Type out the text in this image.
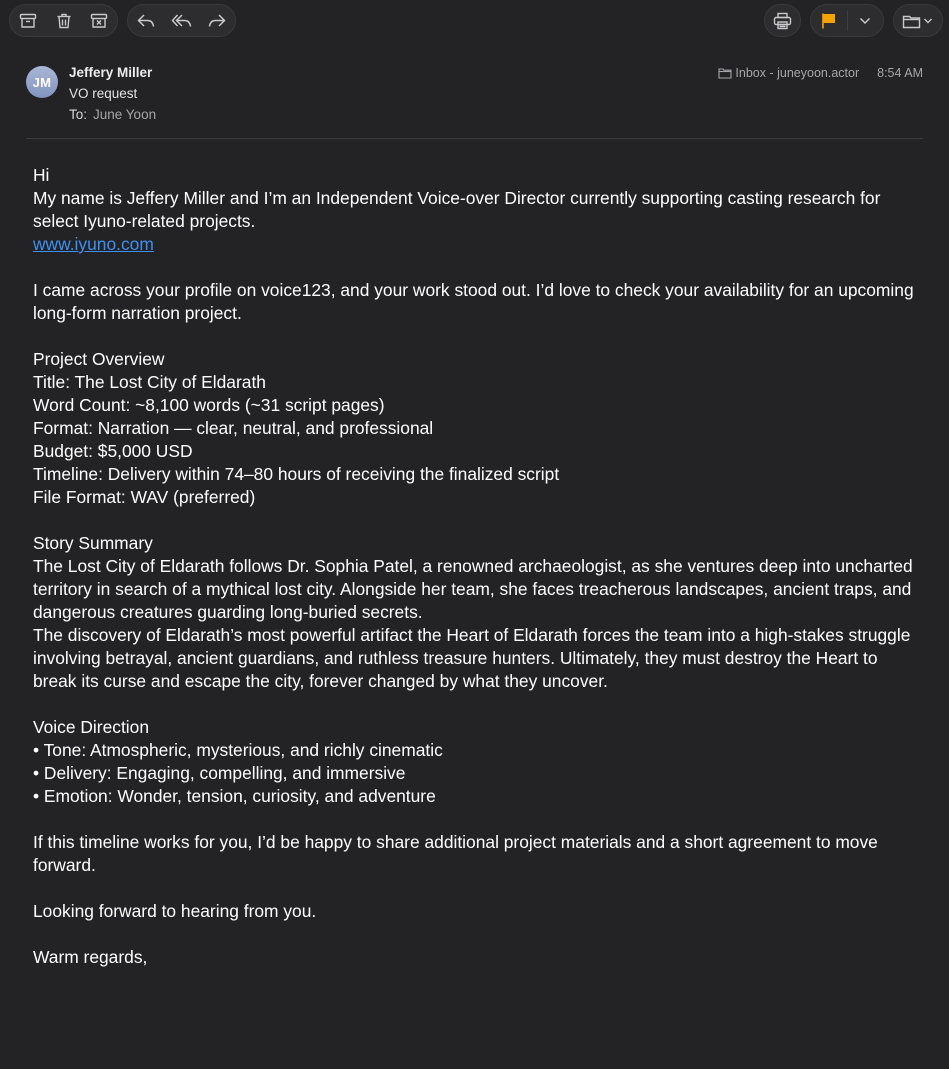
JM
Jeffery Miller
VO request
To: June Yoon
Inbox - juneyoon.actor 8:54 AM

Hi

My name is Jeffery Miller and I’m an Independent Voice-over Director currently supporting casting research for select Iyuno-related projects.

www.iyuno.com

I came across your profile on voice123, and your work stood out. I’d love to check your availability for an upcoming long-form narration project.

Project Overview

Title: The Lost City of Eldarath

Word Count: ~8,100 words (~31 script pages)

Format: Narration — clear, neutral, and professional

Budget: $5,000 USD

Timeline: Delivery within 74–80 hours of receiving the finalized script

File Format: WAV (preferred)

Story Summary

The Lost City of Eldarath follows Dr. Sophia Patel, a renowned archaeologist, as she ventures deep into uncharted territory in search of a mythical lost city. Alongside her team, she faces treacherous landscapes, ancient traps, and dangerous creatures guarding long-buried secrets.

The discovery of Eldarath’s most powerful artifact the Heart of Eldarath forces the team into a high-stakes struggle involving betrayal, ancient guardians, and ruthless treasure hunters. Ultimately, they must destroy the Heart to break its curse and escape the city, forever changed by what they uncover.

Voice Direction

• Tone: Atmospheric, mysterious, and richly cinematic

• Delivery: Engaging, compelling, and immersive

• Emotion: Wonder, tension, curiosity, and adventure

If this timeline works for you, I’d be happy to share additional project materials and a short agreement to move forward.

Looking forward to hearing from you.

Warm regards,
